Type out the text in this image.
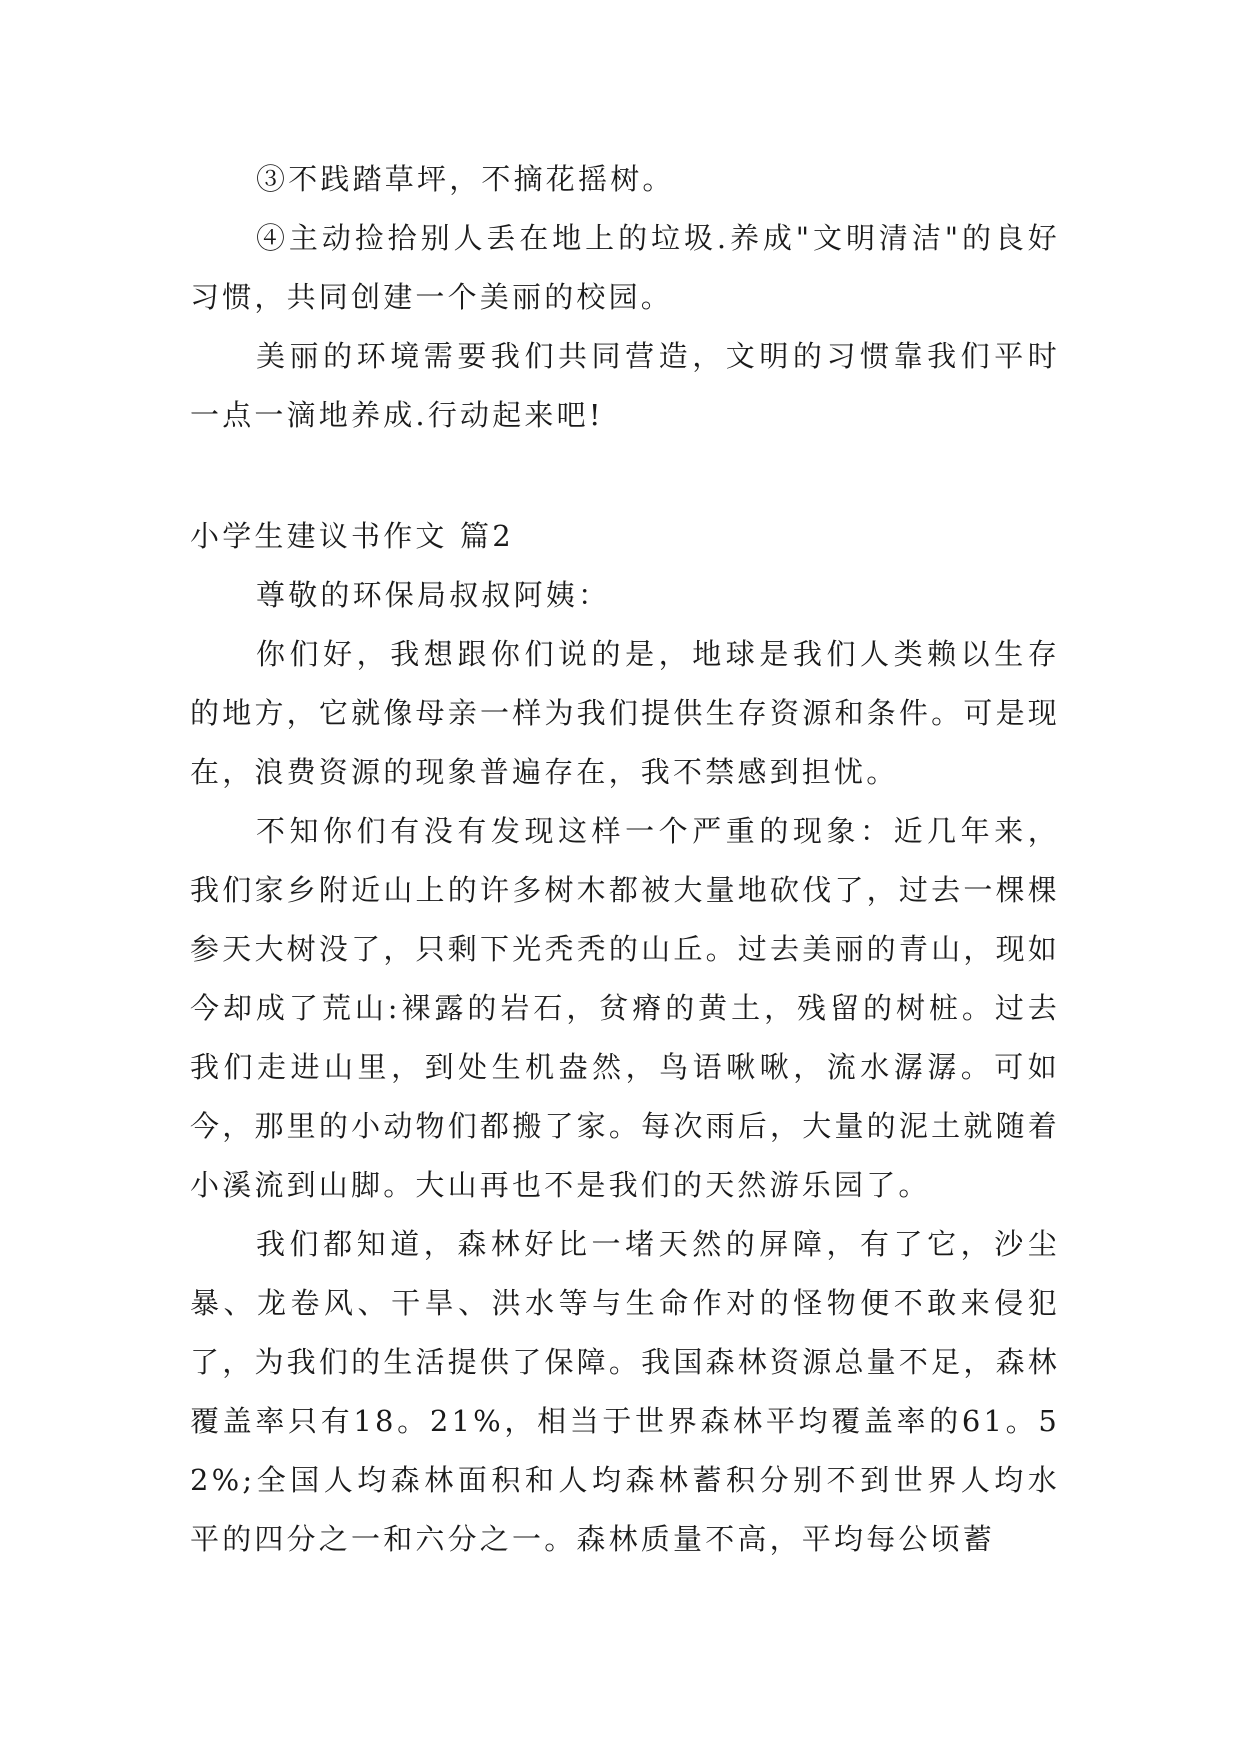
③不践踏草坪，不摘花摇树。

④主动捡拾别人丢在地上的垃圾.养成"文明清洁"的良好习惯，共同创建一个美丽的校园。

美丽的环境需要我们共同营造，文明的习惯靠我们平时一点一滴地养成.行动起来吧!

小学生建议书作文 篇2

尊敬的环保局叔叔阿姨：

你们好，我想跟你们说的是，地球是我们人类赖以生存的地方，它就像母亲一样为我们提供生存资源和条件。可是现在，浪费资源的现象普遍存在，我不禁感到担忧。

不知你们有没有发现这样一个严重的现象：近几年来，我们家乡附近山上的许多树木都被大量地砍伐了，过去一棵棵参天大树没了，只剩下光秃秃的山丘。过去美丽的青山，现如今却成了荒山:裸露的岩石，贫瘠的黄土，残留的树桩。过去我们走进山里，到处生机盎然，鸟语啾啾，流水潺潺。可如今，那里的小动物们都搬了家。每次雨后，大量的泥土就随着小溪流到山脚。大山再也不是我们的天然游乐园了。

我们都知道，森林好比一堵天然的屏障，有了它，沙尘暴、龙卷风、干旱、洪水等与生命作对的怪物便不敢来侵犯了，为我们的生活提供了保障。我国森林资源总量不足，森林覆盖率只有18。21%，相当于世界森林平均覆盖率的61。52%;全国人均森林面积和人均森林蓄积分别不到世界人均水平的四分之一和六分之一。森林质量不高，平均每公顷蓄
